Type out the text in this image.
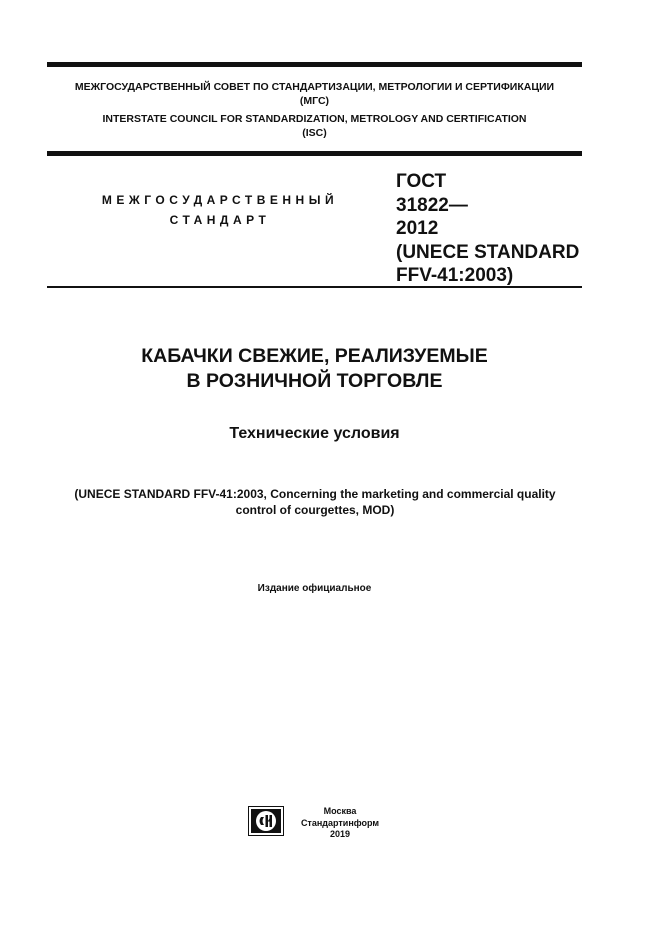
МЕЖГОСУДАРСТВЕННЫЙ СОВЕТ ПО СТАНДАРТИЗАЦИИ, МЕТРОЛОГИИ И СЕРТИФИКАЦИИ
(МГС)
INTERSTATE COUNCIL FOR STANDARDIZATION, METROLOGY AND CERTIFICATION
(ISC)
МЕЖГОСУДАРСТВЕННЫЙ
СТАНДАРТ
ГОСТ
31822—
2012
(UNECE STANDARD
FFV-41:2003)
КАБАЧКИ СВЕЖИЕ, РЕАЛИЗУЕМЫЕ
В РОЗНИЧНОЙ ТОРГОВЛЕ
Технические условия
(UNECE STANDARD FFV-41:2003, Concerning the marketing and commercial quality
control of courgettes, MOD)
Издание официальное
Москва
Стандартинформ
2019
